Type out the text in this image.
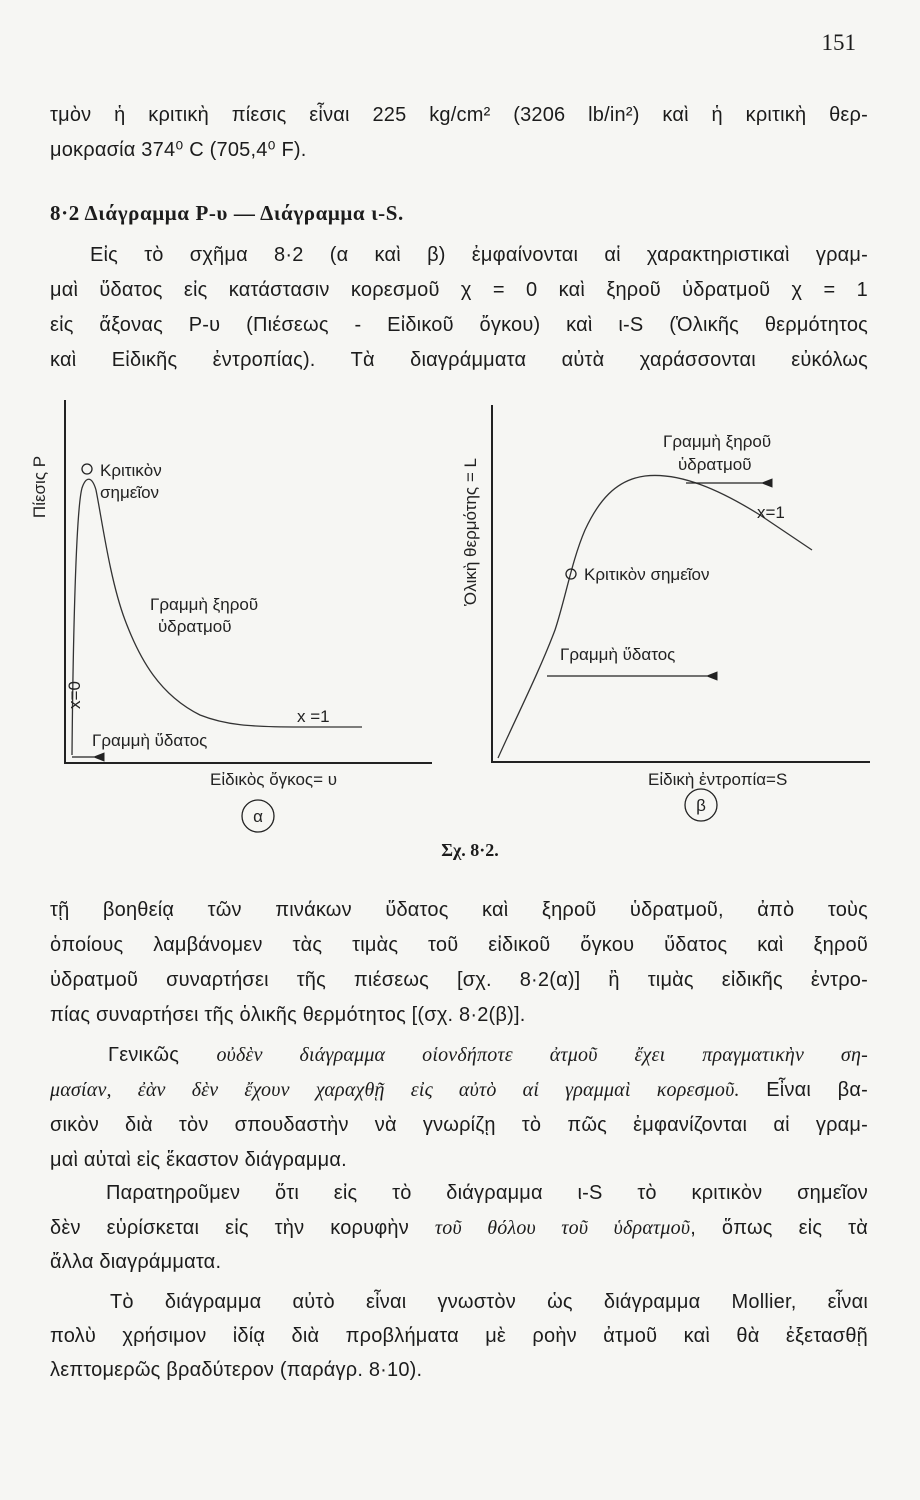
151
τμὸν ἡ κριτικὴ πίεσις εἶναι 225 kg/cm² (3206 lb/in²) καὶ ἡ κριτικὴ θερ-
μοκρασία 374⁰ C (705,4⁰ F).
8·2 Διάγραμμα P-υ — Διάγραμμα ι-S.
Εἰς τὸ σχῆμα 8·2 (α καὶ β) ἐμφαίνονται αἱ χαρακτηριστικαὶ γραμ-
μαὶ ὕδατος εἰς κατάστασιν κορεσμοῦ χ = 0 καὶ ξηροῦ ὑδρατμοῦ χ = 1
εἰς ἄξονας P-υ (Πιέσεως - Εἰδικοῦ ὄγκου) καὶ ι-S (Ὁλικῆς θερμότητος
καὶ Εἰδικῆς ἐντροπίας). Τὰ διαγράμματα αὐτὰ χαράσσονται εὐκόλως
Πίεσις P
x=0
Κριτικὸν
σημεῖον
Γραμμὴ ξηροῦ
ὑδρατμοῦ
x =1
Γραμμὴ ὕδατος
Εἰδικὸς ὄγκος= υ
α
Ὁλικὴ θερμότης = L	Κριτικὸν σημεῖον
Γραμμὴ ξηροῦ
ὑδρατμοῦ
x=1
Γραμμὴ ὕδατος
Εἰδικὴ ἐντροπία=S
β
Σχ. 8·2.
τῇ βοηθείᾳ τῶν πινάκων ὕδατος καὶ ξηροῦ ὑδρατμοῦ, ἀπὸ τοὺς
ὁποίους λαμβάνομεν τὰς τιμὰς τοῦ εἰδικοῦ ὄγκου ὕδατος καὶ ξηροῦ
ὑδρατμοῦ συναρτήσει τῆς πιέσεως [σχ. 8·2(α)] ἢ τιμὰς εἰδικῆς ἐντρο-
πίας συναρτήσει τῆς ὁλικῆς θερμότητος [(σχ. 8·2(β)].
Γενικῶς οὐδὲν διάγραμμα οἱονδήποτε ἀτμοῦ ἔχει πραγματικὴν ση-
μασίαν, ἐὰν δὲν ἔχουν χαραχθῇ εἰς αὐτὸ αἱ γραμμαὶ κορεσμοῦ. Εἶναι βα-
σικὸν διὰ τὸν σπουδαστὴν νὰ γνωρίζῃ τὸ πῶς ἐμφανίζονται αἱ γραμ-
μαὶ αὐταὶ εἰς ἕκαστον διάγραμμα.
Παρατηροῦμεν ὅτι εἰς τὸ διάγραμμα ι-S τὸ κριτικὸν σημεῖον
δὲν εὑρίσκεται εἰς τὴν κορυφὴν τοῦ θόλου τοῦ ὑδρατμοῦ, ὅπως εἰς τὰ
ἄλλα διαγράμματα.
Τὸ διάγραμμα αὐτὸ εἶναι γνωστὸν ὡς διάγραμμα Mollier, εἶναι
πολὺ χρήσιμον ἰδίᾳ διὰ προβλήματα μὲ ροὴν ἀτμοῦ καὶ θὰ ἐξετασθῇ
λεπτομερῶς βραδύτερον (παράγρ. 8·10).
